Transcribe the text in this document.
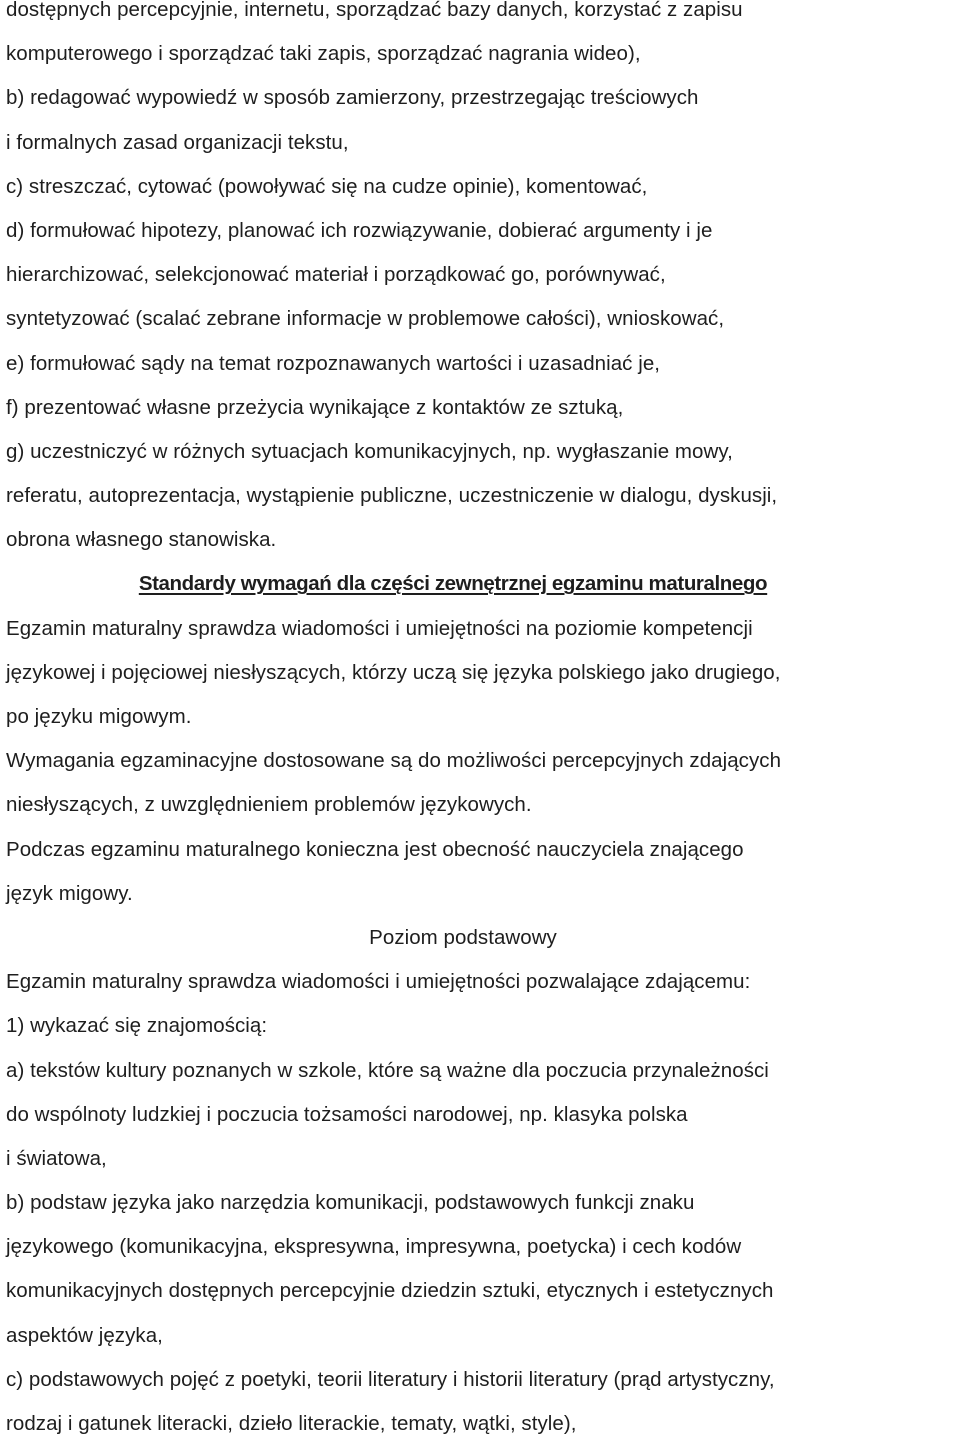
dostępnych percepcyjnie, internetu, sporządzać bazy danych, korzystać z zapisu
komputerowego i sporządzać taki zapis, sporządzać nagrania wideo),
b) redagować wypowiedź w sposób zamierzony, przestrzegając treściowych
i formalnych zasad organizacji tekstu,
c) streszczać, cytować (powoływać się na cudze opinie), komentować,
d) formułować hipotezy, planować ich rozwiązywanie, dobierać argumenty i je
hierarchizować, selekcjonować materiał i porządkować go, porównywać,
syntetyzować (scalać zebrane informacje w problemowe całości), wnioskować,
e) formułować sądy na temat rozpoznawanych wartości i uzasadniać je,
f) prezentować własne przeżycia wynikające z kontaktów ze sztuką,
g) uczestniczyć w różnych sytuacjach komunikacyjnych, np. wygłaszanie mowy,
referatu, autoprezentacja, wystąpienie publiczne, uczestniczenie w dialogu, dyskusji,
obrona własnego stanowiska.
Standardy wymagań dla części zewnętrznej egzaminu maturalnego
Egzamin maturalny sprawdza wiadomości i umiejętności na poziomie kompetencji
językowej i pojęciowej niesłyszących, którzy uczą się języka polskiego jako drugiego,
po języku migowym.
Wymagania egzaminacyjne dostosowane są do możliwości percepcyjnych zdających
niesłyszących, z uwzględnieniem problemów językowych.
Podczas egzaminu maturalnego konieczna jest obecność nauczyciela znającego
język migowy.
Poziom podstawowy
Egzamin maturalny sprawdza wiadomości i umiejętności pozwalające zdającemu:
1) wykazać się znajomością:
a) tekstów kultury poznanych w szkole, które są ważne dla poczucia przynależności
do wspólnoty ludzkiej i poczucia tożsamości narodowej, np. klasyka polska
i światowa,
b) podstaw języka jako narzędzia komunikacji, podstawowych funkcji znaku
językowego (komunikacyjna, ekspresywna, impresywna, poetycka) i cech kodów
komunikacyjnych dostępnych percepcyjnie dziedzin sztuki, etycznych i estetycznych
aspektów języka,
c) podstawowych pojęć z poetyki, teorii literatury i historii literatury (prąd artystyczny,
rodzaj i gatunek literacki, dzieło literackie, tematy, wątki, style),
